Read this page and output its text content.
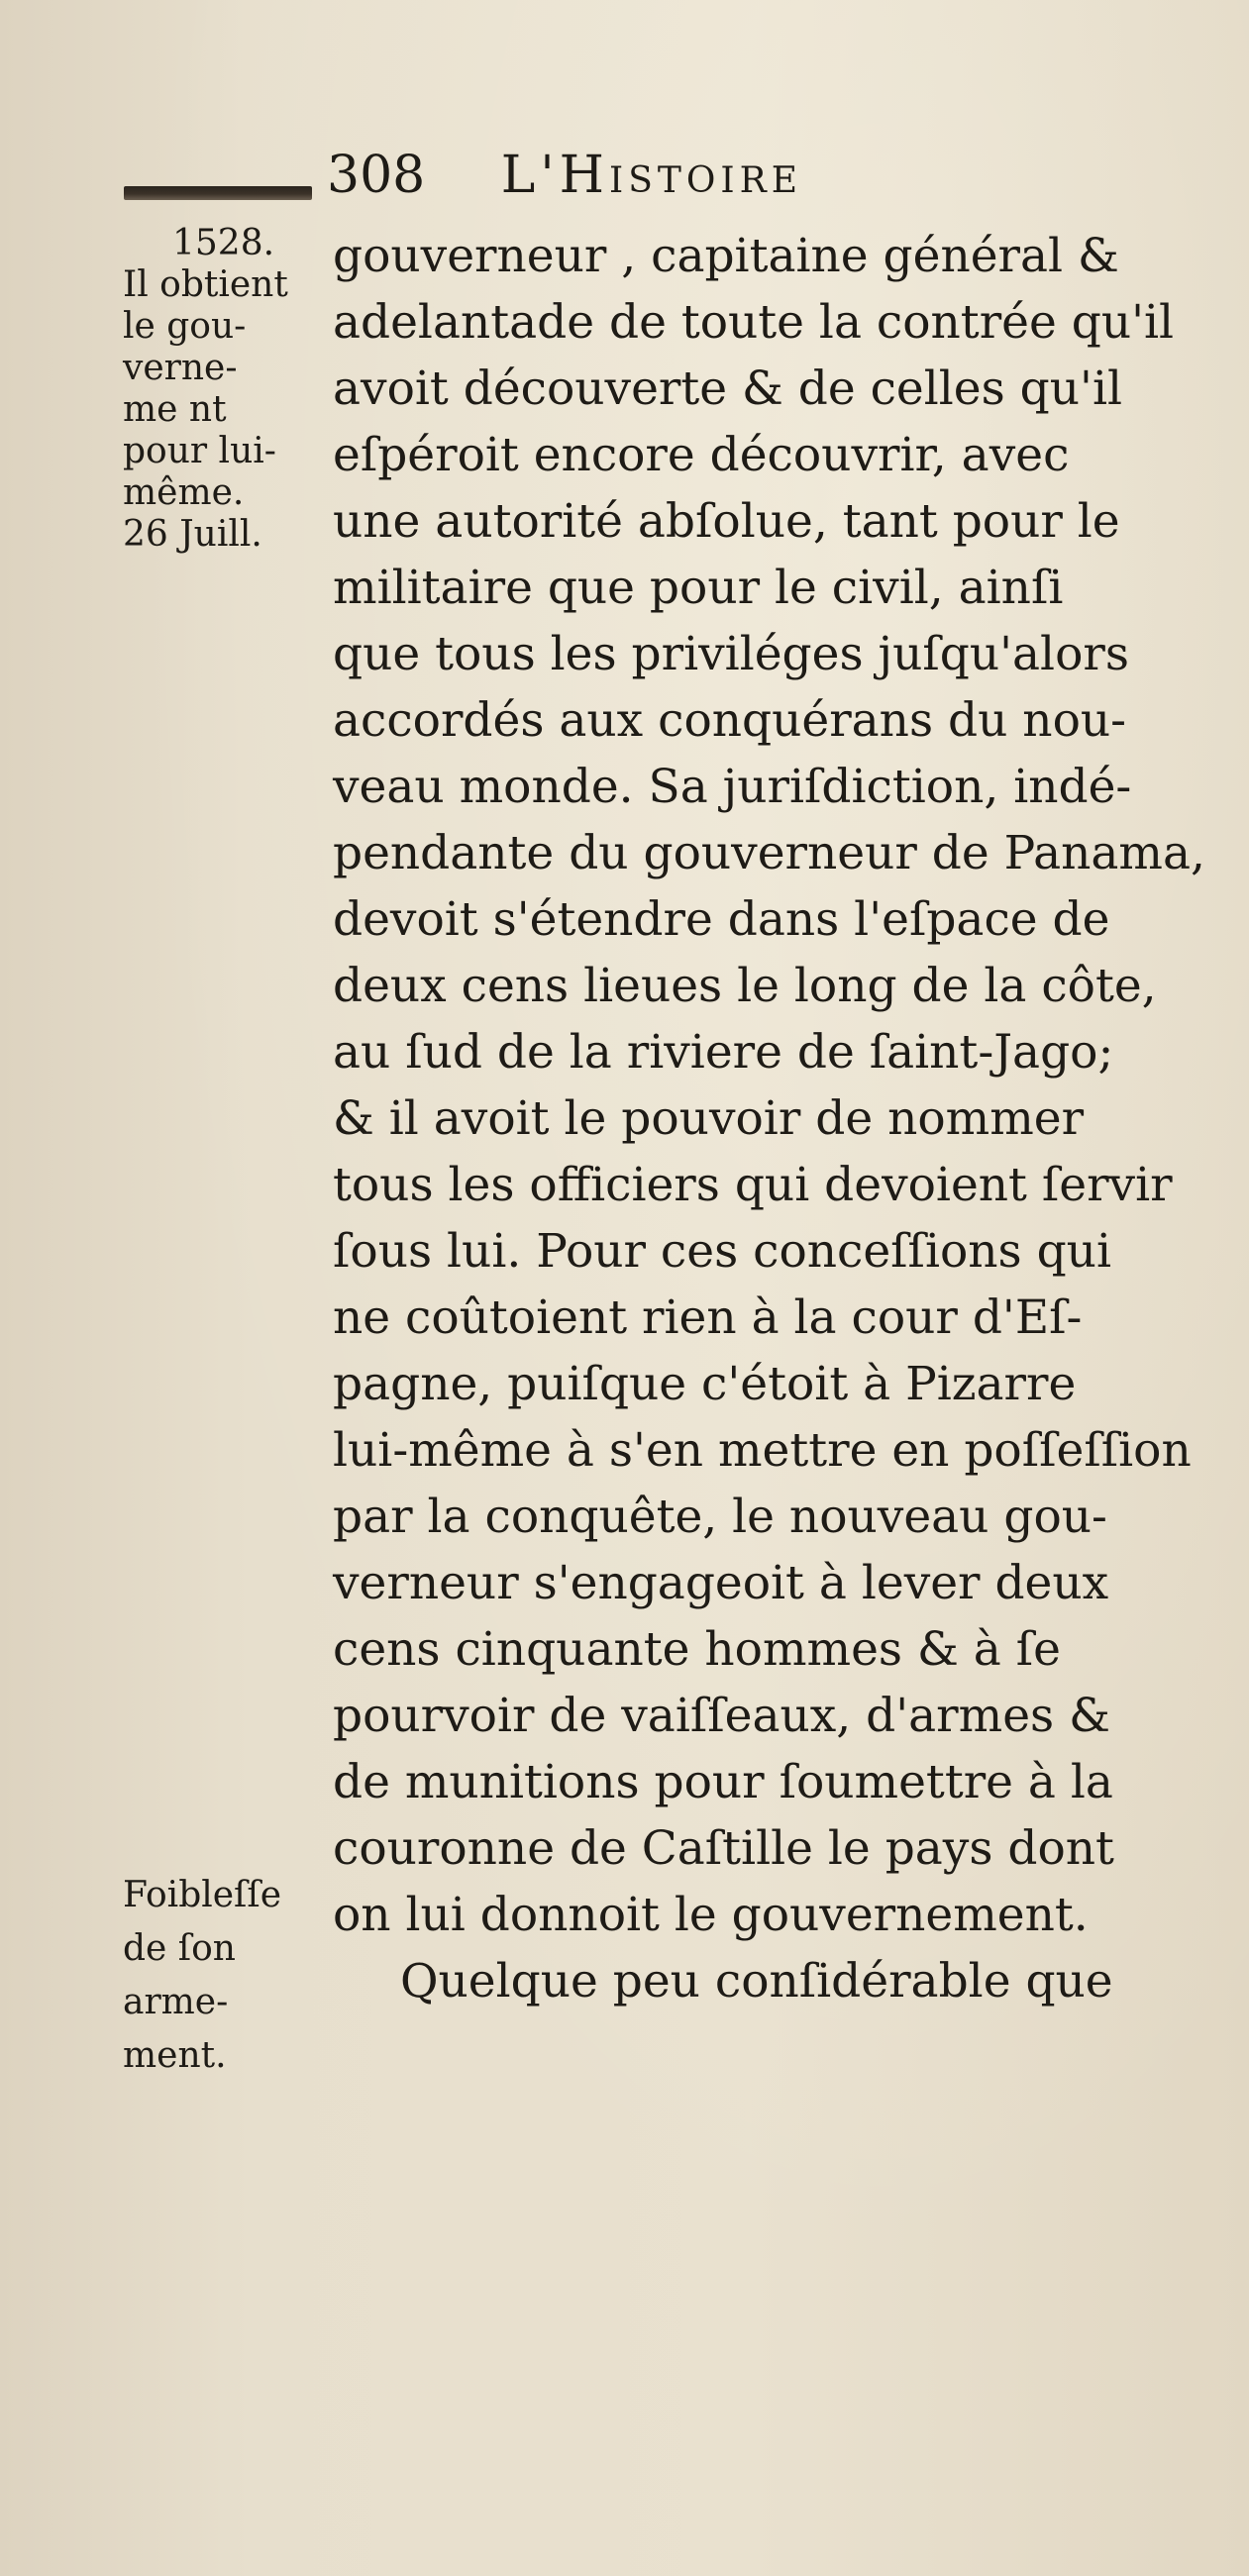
308 L'Histoire
1528.
Il obtient
le gou-
verne-
me nt
pour lui-
même.
26 Juill.
Foibleſſe
de ſon
arme-
ment.
gouverneur , capitaine général &
adelantade de toute la contrée qu'il
avoit découverte & de celles qu'il
eſpéroit encore découvrir, avec
une autorité abſolue, tant pour le
militaire que pour le civil, ainſi
que tous les priviléges juſqu'alors
accordés aux conquérans du nou-
veau monde. Sa juriſdiction, indé-
pendante du gouverneur de Panama,
devoit s'étendre dans l'eſpace de
deux cens lieues le long de la côte,
au ſud de la riviere de ſaint-Jago;
& il avoit le pouvoir de nommer
tous les officiers qui devoient ſervir
ſous lui. Pour ces conceſſions qui
ne coûtoient rien à la cour d'Eſ-
pagne, puiſque c'étoit à Pizarre
lui-même à s'en mettre en poſſeſſion
par la conquête, le nouveau gou-
verneur s'engageoit à lever deux
cens cinquante hommes & à ſe
pourvoir de vaiſſeaux, d'armes &
de munitions pour ſoumettre à la
couronne de Caſtille le pays dont
on lui donnoit le gouvernement.
Quelque peu conſidérable que
